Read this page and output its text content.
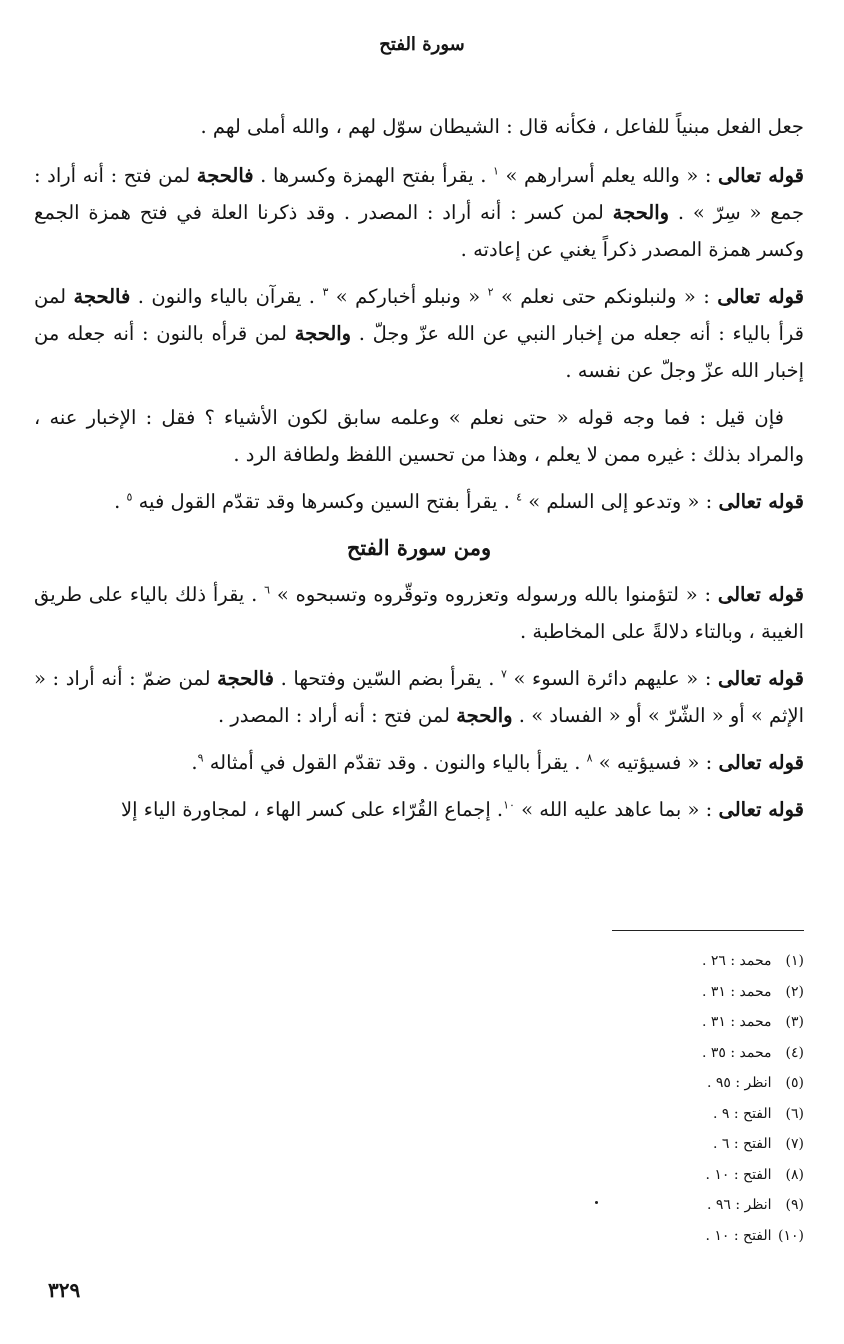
سورة الفتح

جعل الفعل مبنياً للفاعل ، فكأنه قال : الشيطان سوّل لهم ، والله أملى لهم .

قوله تعالى : « والله يعلم أسرارهم » $^١$ . يقرأ بفتح الهمزة وكسرها . فالحجة لمن فتح : أنه أراد : جمع « سِرّ » . والحجة لمن كسر : أنه أراد : المصدر . وقد ذكرنا العلة في فتح همزة الجمع وكسر همزة المصدر ذكراً يغني عن إعادته .

قوله تعالى : « ولنبلونكم حتى نعلم » $^٢$ « ونبلو أخباركم » $^٣$ . يقرآن بالياء والنون . فالحجة لمن قرأ بالياء : أنه جعله من إخبار النبي عن الله عزّ وجلّ . والحجة لمن قرأه بالنون : أنه جعله من إخبار الله عزّ وجلّ عن نفسه .

فإن قيل : فما وجه قوله « حتى نعلم » وعلمه سابق لكون الأشياء ؟ فقل : الإخبار عنه ، والمراد بذلك : غيره ممن لا يعلم ، وهذا من تحسين اللفظ ولطافة الرد .

قوله تعالى : « وتدعو إلى السلم » $^٤$ . يقرأ بفتح السين وكسرها وقد تقدّم القول فيه $^٥$ .

ومن سورة الفتح

قوله تعالى : « لتؤمنوا بالله ورسوله وتعزروه وتوقّروه وتسبحوه » $^٦$ . يقرأ ذلك بالياء على طريق الغيبة ، وبالتاء دلالةً على المخاطبة .

قوله تعالى : « عليهم دائرة السوء » $^٧$ . يقرأ بضم السّين وفتحها . فالحجة لمن ضمّ : أنه أراد : « الإثم » أو « الشّرّ » أو « الفساد » . والحجة لمن فتح : أنه أراد : المصدر .

قوله تعالى : « فسيؤتيه » $^٨$ . يقرأ بالياء والنون . وقد تقدّم القول في أمثاله $^٩$.

قوله تعالى : « بما عاهد عليه الله » $^{١٠}$. إجماع القُرّاء على كسر الهاء ، لمجاورة الياء إلا

(١) محمد : ٢٦ .
(٢) محمد : ٣١ .
(٣) محمد : ٣١ .
(٤) محمد : ٣٥ .
(٥) انظر : ٩٥ .
(٦) الفتح : ٩ .
(٧) الفتح : ٦ .
(٨) الفتح : ١٠ .
(٩) انظر : ٩٦ .
(١٠) الفتح : ١٠ .
٣٢٩
